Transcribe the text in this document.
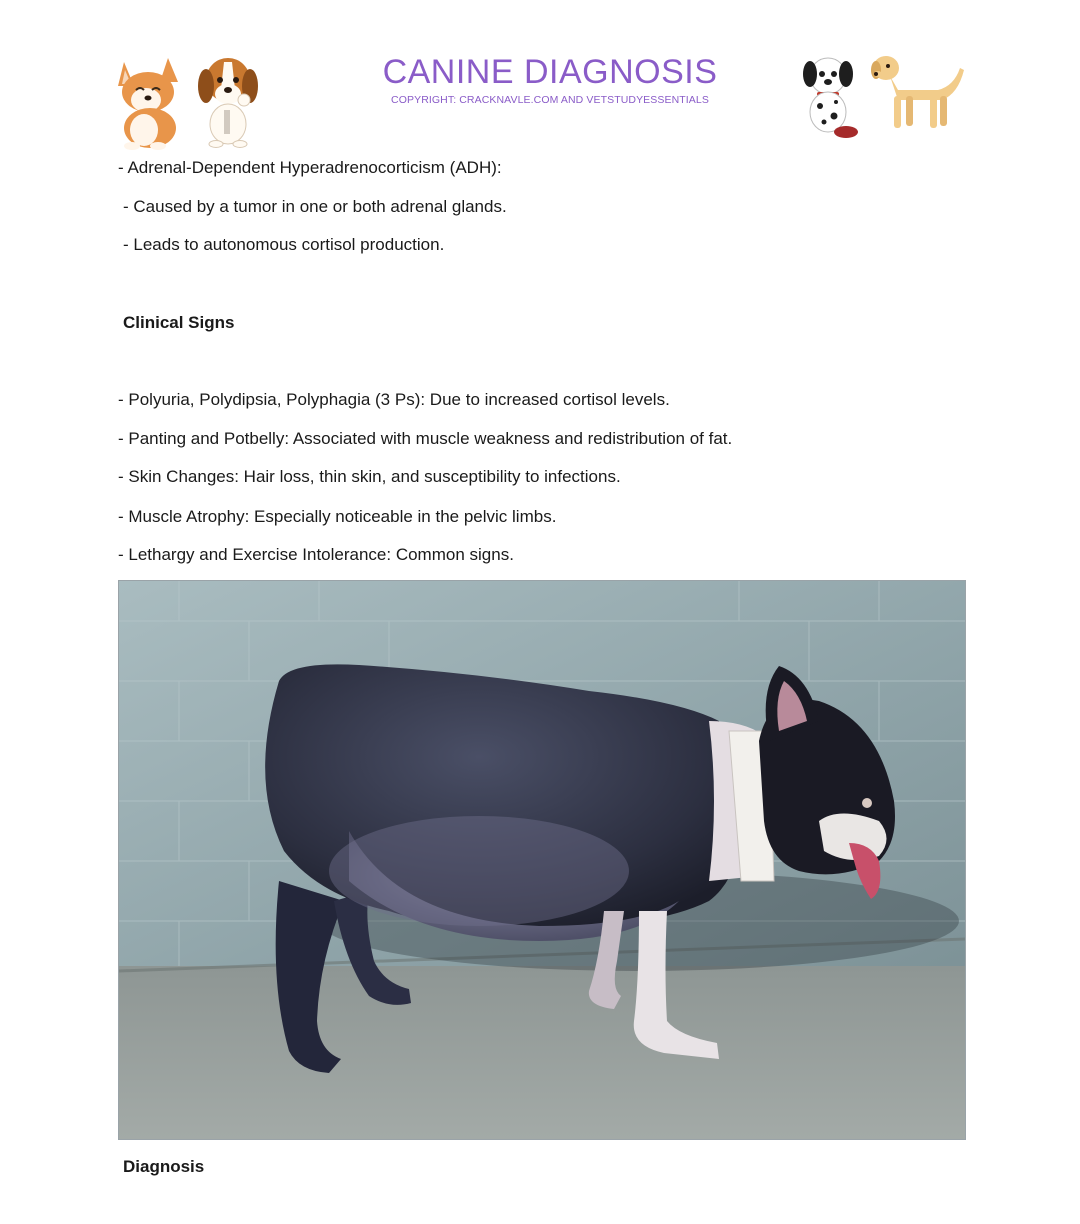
CANINE DIAGNOSIS
COPYRIGHT: CRACKNAVLE.COM AND VETSTUDYESSENTIALS
- Adrenal-Dependent Hyperadrenocorticism (ADH):
- Caused by a tumor in one or both adrenal glands.
- Leads to autonomous cortisol production.
Clinical Signs
- Polyuria, Polydipsia, Polyphagia (3 Ps): Due to increased cortisol levels.
- Panting and Potbelly: Associated with muscle weakness and redistribution of fat.
- Skin Changes: Hair loss, thin skin, and susceptibility to infections.
- Muscle Atrophy: Especially noticeable in the pelvic limbs.
- Lethargy and Exercise Intolerance: Common signs.
Diagnosis
